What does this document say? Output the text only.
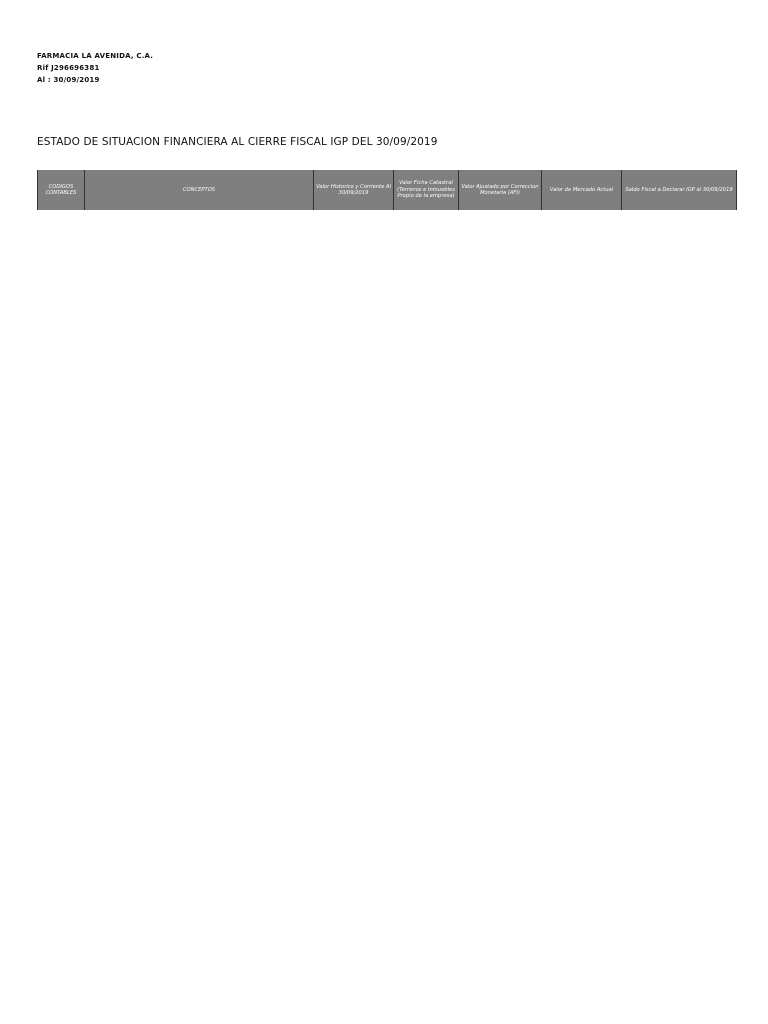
FARMACIA LA AVENIDA, C.A.
Rif J296696381
Al : 30/09/2019
ESTADO DE SITUACION FINANCIERA AL CIERRE FISCAL IGP DEL 30/09/2019
CODIGOS CONTABLES
CONCEPTOS
Valor Historico y Corriente Al 30/09/2019
Valor Ficha Catastral (Terrenos e Inmuebles Propio de la empresa)
Valor Ajustado por Correccion Monetaria (AFI)
Valor de Mercado Actual	Saldo Fiscal a Declarar IGP al 30/09/2019
